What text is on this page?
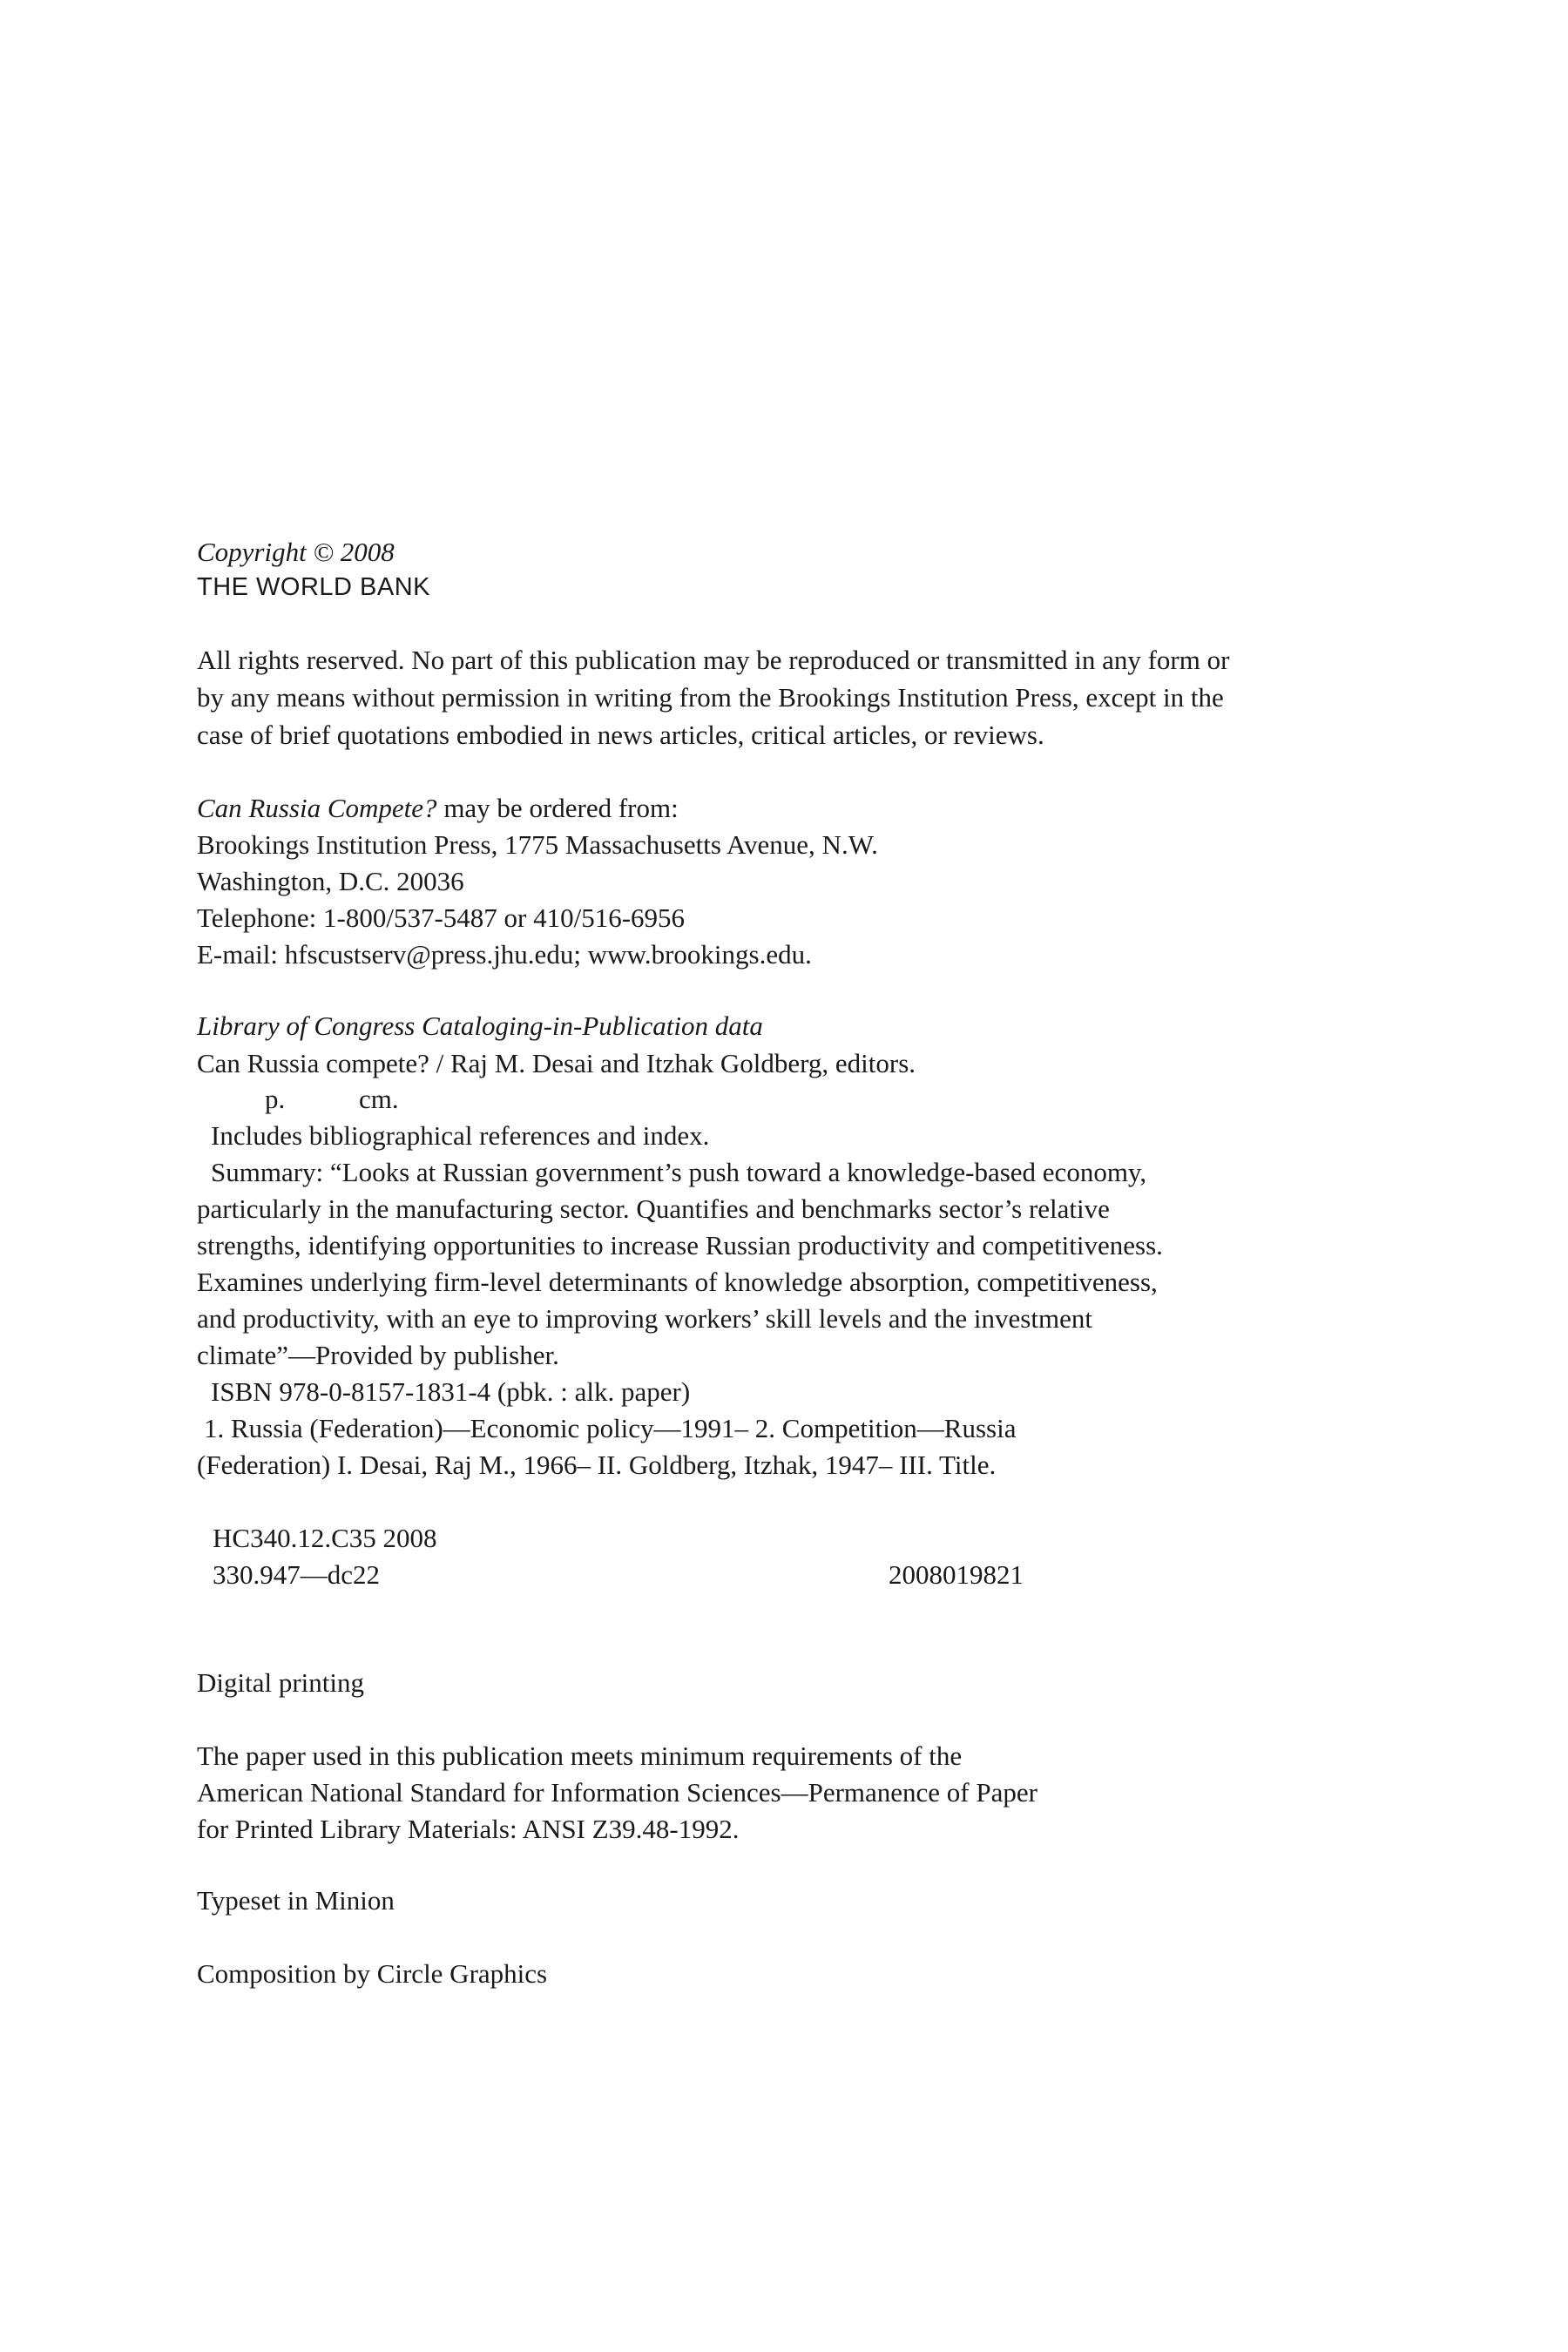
Copyright © 2008
THE WORLD BANK
All rights reserved. No part of this publication may be reproduced or transmitted in any form or
by any means without permission in writing from the Brookings Institution Press, except in the
case of brief quotations embodied in news articles, critical articles, or reviews.
Can Russia Compete? may be ordered from:
Brookings Institution Press, 1775 Massachusetts Avenue, N.W.
Washington, D.C. 20036
Telephone: 1-800/537-5487 or 410/516-6956
E-mail: hfscustserv@press.jhu.edu; www.brookings.edu.
Library of Congress Cataloging-in-Publication data
Can Russia compete? / Raj M. Desai and Itzhak Goldberg, editors.
p.	cm.
Includes bibliographical references and index.
Summary: “Looks at Russian government’s push toward a knowledge-based economy,
particularly in the manufacturing sector. Quantifies and benchmarks sector’s relative
strengths, identifying opportunities to increase Russian productivity and competitiveness.
Examines underlying firm-level determinants of knowledge absorption, competitiveness,
and productivity, with an eye to improving workers’ skill levels and the investment
climate”—Provided by publisher.
ISBN 978-0-8157-1831-4 (pbk. : alk. paper)
1. Russia (Federation)—Economic policy—1991– 2. Competition—Russia
(Federation) I. Desai, Raj M., 1966– II. Goldberg, Itzhak, 1947– III. Title.
HC340.12.C35 2008
330.947—dc22	2008019821
Digital printing
The paper used in this publication meets minimum requirements of the
American National Standard for Information Sciences—Permanence of Paper
for Printed Library Materials: ANSI Z39.48-1992.
Typeset in Minion
Composition by Circle Graphics
